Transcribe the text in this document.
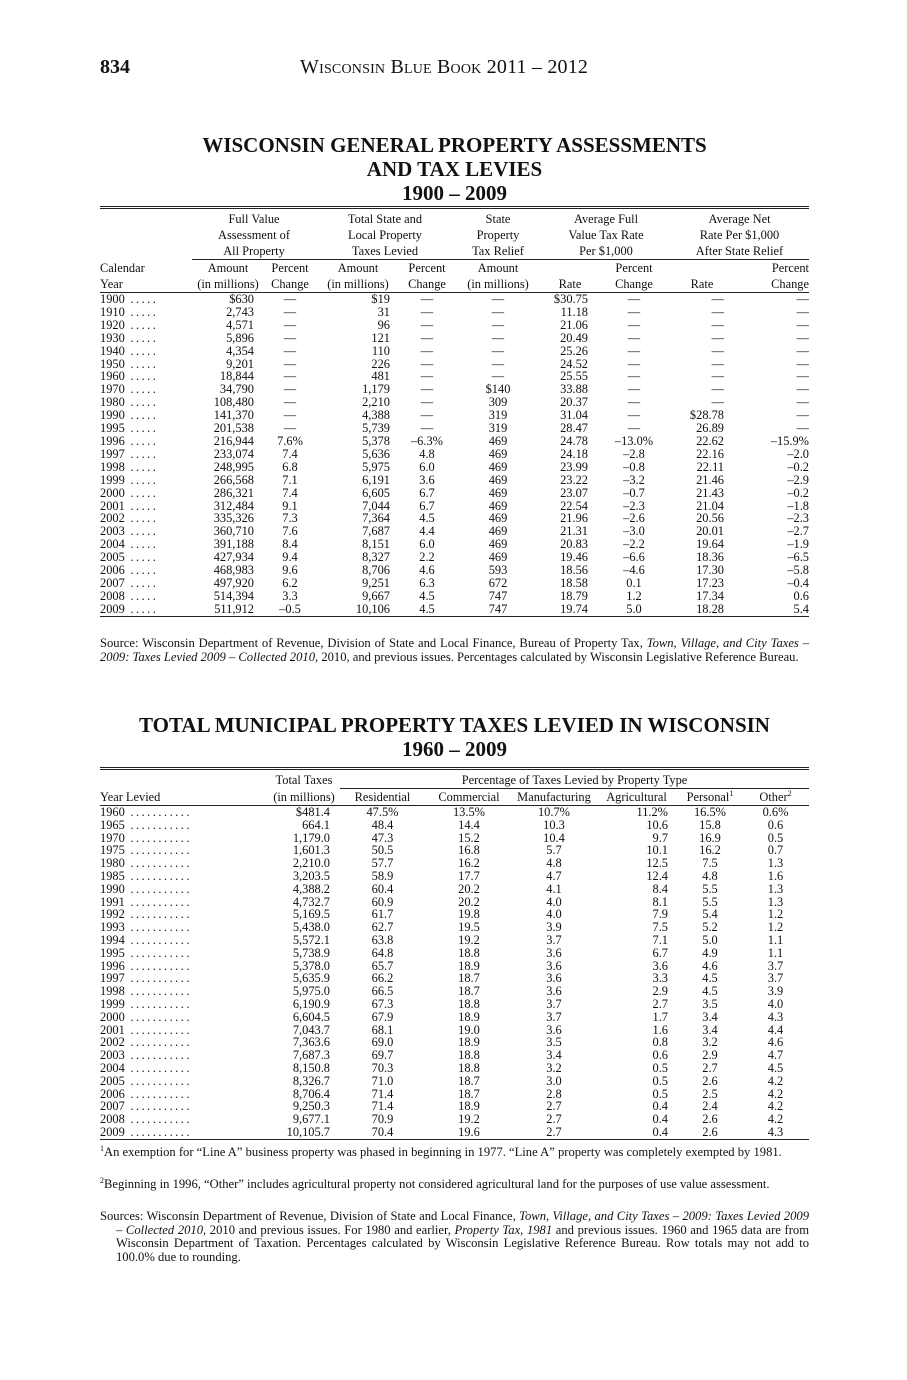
834	Wisconsin Blue Book 2011 – 2012
WISCONSIN GENERAL PROPERTY ASSESSMENTS
AND TAX LEVIES
1900 – 2009

	Full Value		Total State and		State	Average Full		Average Net	
	Assessment of		Local Property		Property	Value Tax Rate		Rate Per $1,000	
	All Property		Taxes Levied		Tax Relief	Per $1,000		After State Relief	
Calendar	Amount	Percent	Amount	Percent	Amount		Percent		Percent
Year	(in millions)	Change	(in millions)	Change	(in millions)	Rate	Change	Rate	Change
1900 .....	$630	—	$19	—	—	$30.75	—	—	—
1910 .....	2,743	—	31	—	—	11.18	—	—	—
1920 .....	4,571	—	96	—	—	21.06	—	—	—
1930 .....	5,896	—	121	—	—	20.49	—	—	—
1940 .....	4,354	—	110	—	—	25.26	—	—	—
1950 .....	9,201	—	226	—	—	24.52	—	—	—
1960 .....	18,844	—	481	—	—	25.55	—	—	—
1970 .....	34,790	—	1,179	—	$140	33.88	—	—	—
1980 .....	108,480	—	2,210	—	309	20.37	—	—	—
1990 .....	141,370	—	4,388	—	319	31.04	—	$28.78	—
1995 .....	201,538	—	5,739	—	319	28.47	—	26.89	—
1996 .....	216,944	7.6%	5,378	–6.3%	469	24.78	–13.0%	22.62	–15.9%
1997 .....	233,074	7.4	5,636	4.8	469	24.18	–2.8	22.16	–2.0
1998 .....	248,995	6.8	5,975	6.0	469	23.99	–0.8	22.11	–0.2
1999 .....	266,568	7.1	6,191	3.6	469	23.22	–3.2	21.46	–2.9
2000 .....	286,321	7.4	6,605	6.7	469	23.07	–0.7	21.43	–0.2
2001 .....	312,484	9.1	7,044	6.7	469	22.54	–2.3	21.04	–1.8
2002 .....	335,326	7.3	7,364	4.5	469	21.96	–2.6	20.56	–2.3
2003 .....	360,710	7.6	7,687	4.4	469	21.31	–3.0	20.01	–2.7
2004 .....	391,188	8.4	8,151	6.0	469	20.83	–2.2	19.64	–1.9
2005 .....	427,934	9.4	8,327	2.2	469	19.46	–6.6	18.36	–6.5
2006 .....	468,983	9.6	8,706	4.6	593	18.56	–4.6	17.30	–5.8
2007 .....	497,920	6.2	9,251	6.3	672	18.58	0.1	17.23	–0.4
2008 .....	514,394	3.3	9,667	4.5	747	18.79	1.2	17.34	0.6
2009 .....	511,912	–0.5	10,106	4.5	747	19.74	5.0	18.28	5.4
Source: Wisconsin Department of Revenue, Division of State and Local Finance, Bureau of Property Tax, Town, Village, and City Taxes – 2009: Taxes Levied 2009 – Collected 2010, 2010, and previous issues. Percentages calculated by Wisconsin Legislative Reference Bureau.
TOTAL MUNICIPAL PROPERTY TAXES LEVIED IN WISCONSIN
1960 – 2009

	Total Taxes	Percentage of Taxes Levied by Property Type					
Year Levied	(in millions)	Residential	Commercial	Manufacturing	Agricultural	Personal$^1$	Other$^2$
1960 ...........	$481.4	47.5%	13.5%	10.7%	11.2%	16.5%	0.6%
1965 ...........	664.1	48.4	14.4	10.3	10.6	15.8	0.6
1970 ...........	1,179.0	47.3	15.2	10.4	9.7	16.9	0.5
1975 ...........	1,601.3	50.5	16.8	5.7	10.1	16.2	0.7
1980 ...........	2,210.0	57.7	16.2	4.8	12.5	7.5	1.3
1985 ...........	3,203.5	58.9	17.7	4.7	12.4	4.8	1.6
1990 ...........	4,388.2	60.4	20.2	4.1	8.4	5.5	1.3
1991 ...........	4,732.7	60.9	20.2	4.0	8.1	5.5	1.3
1992 ...........	5,169.5	61.7	19.8	4.0	7.9	5.4	1.2
1993 ...........	5,438.0	62.7	19.5	3.9	7.5	5.2	1.2
1994 ...........	5,572.1	63.8	19.2	3.7	7.1	5.0	1.1
1995 ...........	5,738.9	64.8	18.8	3.6	6.7	4.9	1.1
1996 ...........	5,378.0	65.7	18.9	3.6	3.6	4.6	3.7
1997 ...........	5,635.9	66.2	18.7	3.6	3.3	4.5	3.7
1998 ...........	5,975.0	66.5	18.7	3.6	2.9	4.5	3.9
1999 ...........	6,190.9	67.3	18.8	3.7	2.7	3.5	4.0
2000 ...........	6,604.5	67.9	18.9	3.7	1.7	3.4	4.3
2001 ...........	7,043.7	68.1	19.0	3.6	1.6	3.4	4.4
2002 ...........	7,363.6	69.0	18.9	3.5	0.8	3.2	4.6
2003 ...........	7,687.3	69.7	18.8	3.4	0.6	2.9	4.7
2004 ...........	8,150.8	70.3	18.8	3.2	0.5	2.7	4.5
2005 ...........	8,326.7	71.0	18.7	3.0	0.5	2.6	4.2
2006 ...........	8,706.4	71.4	18.7	2.8	0.5	2.5	4.2
2007 ...........	9,250.3	71.4	18.9	2.7	0.4	2.4	4.2
2008 ...........	9,677.1	70.9	19.2	2.7	0.4	2.6	4.2
2009 ...........	10,105.7	70.4	19.6	2.7	0.4	2.6	4.3
$^1$An exemption for “Line A” business property was phased in beginning in 1977. “Line A” property was completely exempted by 1981.
$^2$Beginning in 1996, “Other” includes agricultural property not considered agricultural land for the purposes of use value assessment.
Sources: Wisconsin Department of Revenue, Division of State and Local Finance, Town, Village, and City Taxes – 2009: Taxes Levied 2009 – Collected 2010, 2010 and previous issues. For 1980 and earlier, Property Tax, 1981 and previous issues. 1960 and 1965 data are from Wisconsin Department of Taxation. Percentages calculated by Wisconsin Legislative Reference Bureau. Row totals may not add to 100.0% due to rounding.
